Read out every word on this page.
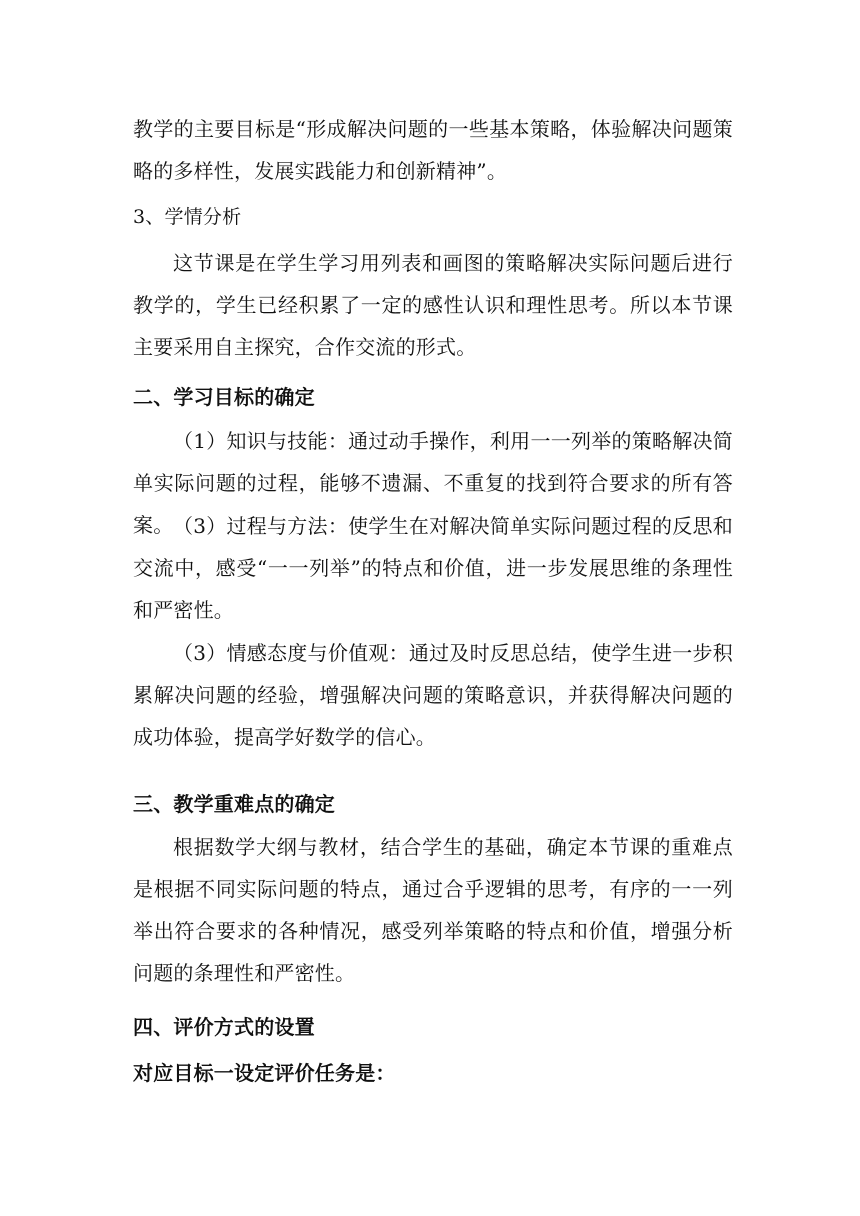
教学的主要目标是“形成解决问题的一些基本策略，体验解决问题策略的多样性，发展实践能力和创新精神”。

3、学情分析

这节课是在学生学习用列表和画图的策略解决实际问题后进行教学的，学生已经积累了一定的感性认识和理性思考。所以本节课主要采用自主探究，合作交流的形式。

二、学习目标的确定

（1）知识与技能：通过动手操作，利用一一列举的策略解决简单实际问题的过程，能够不遗漏、不重复的找到符合要求的所有答案。 （3）过程与方法：使学生在对解决简单实际问题过程的反思和交流中，感受“一一列举”的特点和价值，进一步发展思维的条理性和严密性。

（3）情感态度与价值观：通过及时反思总结，使学生进一步积累解决问题的经验，增强解决问题的策略意识，并获得解决问题的成功体验，提高学好数学的信心。

三、教学重难点的确定

根据数学大纲与教材，结合学生的基础，确定本节课的重难点是根据不同实际问题的特点，通过合乎逻辑的思考，有序的一一列举出符合要求的各种情况，感受列举策略的特点和价值，增强分析问题的条理性和严密性。

四、评价方式的设置

对应目标一设定评价任务是：
